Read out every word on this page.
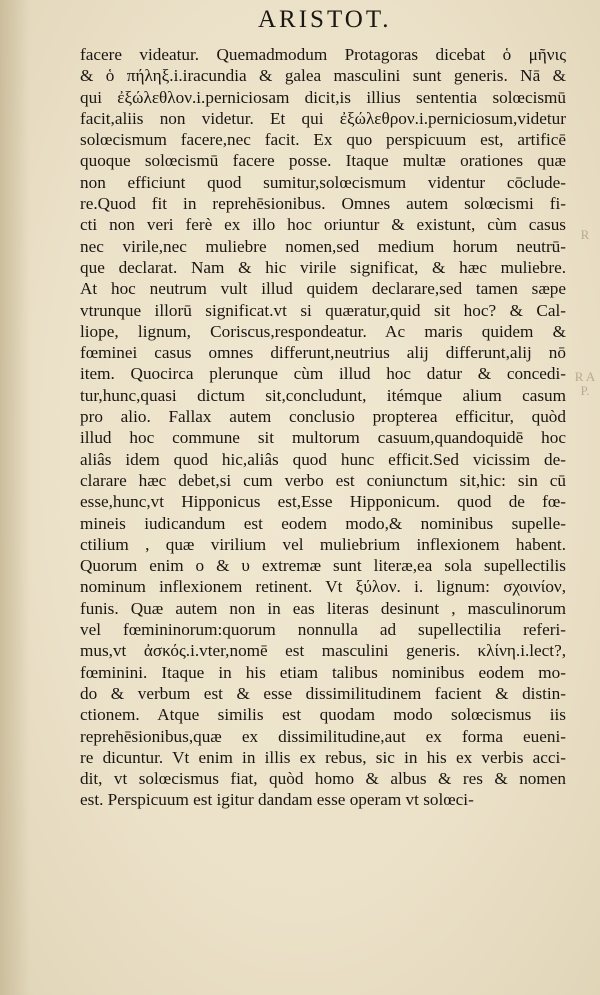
ARISTOT.
R
R A P.
facere videatur. Quemadmodum Protagoras dicebat ὁ μῆνις
& ὁ πήληξ.i.iracundia & galea masculini sunt generis. Nā &
qui ἐξώλεθλον.i.perniciosam dicit,is illius sententia solœcismū
facit,aliis non videtur. Et qui ἐξώλεθρον.i.perniciosum,videtur
solœcismum facere,nec facit. Ex quo perspicuum est, artificē
quoque solœcismū facere posse. Itaque multæ orationes quæ
non efficiunt quod sumitur,solœcismum videntur cōclude-
re.Quod fit in reprehēsionibus. Omnes autem solœcismi fi-
cti non veri ferè ex illo hoc oriuntur & existunt, cùm casus
nec virile,nec muliebre nomen,sed medium horum neutrū-
que declarat. Nam & hic virile significat, & hæc muliebre.
At hoc neutrum vult illud quidem declarare,sed tamen sæpe
vtrunque illorū significat.vt si quæratur,quid sit hoc? & Cal-
liope, lignum, Coriscus,respondeatur. Ac maris quidem &
fœminei casus omnes differunt,neutrius alij differunt,alij nō
item. Quocirca plerunque cùm illud hoc datur & concedi-
tur,hunc,quasi dictum sit,concludunt, itémque alium casum
pro alio. Fallax autem conclusio propterea efficitur, quòd
illud hoc commune sit multorum casuum,quandoquidē hoc
aliâs idem quod hic,aliâs quod hunc efficit.Sed vicissim de-
clarare hæc debet,si cum verbo est coniunctum sit,hic: sin cū
esse,hunc,vt Hipponicus est,Esse Hipponicum. quod de fœ-
mineis iudicandum est eodem modo,& nominibus supelle-
ctilium , quæ virilium vel muliebrium inflexionem habent.
Quorum enim ο & υ extremæ sunt literæ,ea sola supellectilis
nominum inflexionem retinent. Vt ξύλον. i. lignum: σχοινίον,
funis. Quæ autem non in eas literas desinunt , masculinorum
vel fœmininorum:quorum nonnulla ad supellectilia referi-
mus,vt ἀσκός.i.vter,nomē est masculini generis. κλίνη.i.lect?,
fœminini. Itaque in his etiam talibus nominibus eodem mo-
do & verbum est & esse dissimilitudinem facient & distin-
ctionem. Atque similis est quodam modo solœcismus iis
reprehēsionibus,quæ ex dissimilitudine,aut ex forma eueni-
re dicuntur. Vt enim in illis ex rebus, sic in his ex verbis acci-
dit, vt solœcismus fiat, quòd homo & albus & res & nomen
est. Perspicuum est igitur dandam esse operam vt solœci-
